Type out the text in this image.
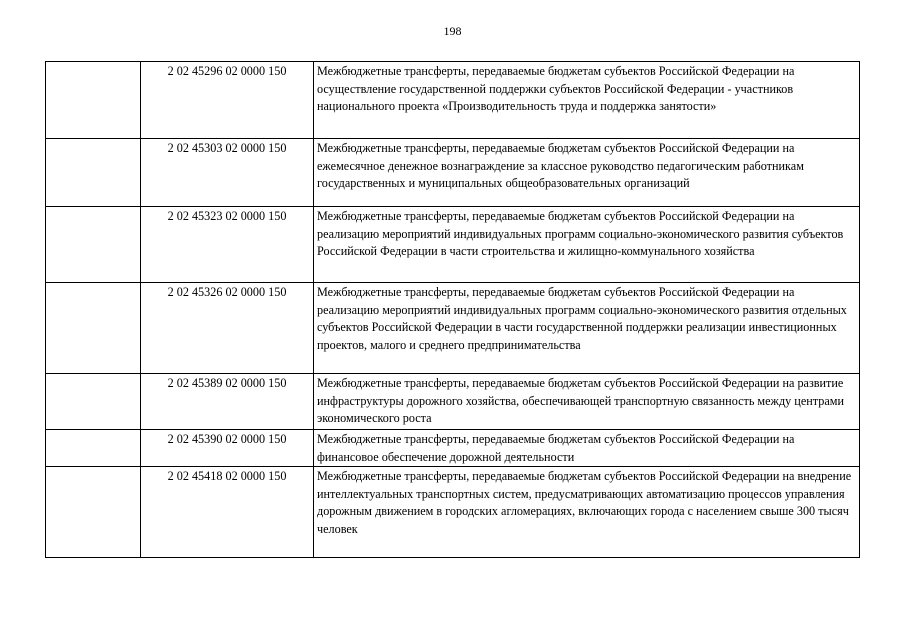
198
	2 02 45296 02 0000 150	Межбюджетные трансферты, передаваемые бюджетам субъектов Российской Федерации на осуществление государственной поддержки субъектов Российской Федерации - участников национального проекта «Производительность труда и поддержка занятости»
	2 02 45303 02 0000 150	Межбюджетные трансферты, передаваемые бюджетам субъектов Российской Федерации на ежемесячное денежное вознаграждение за классное руководство педагогическим работникам государственных и муниципальных общеобразовательных организаций
	2 02 45323 02 0000 150	Межбюджетные трансферты, передаваемые бюджетам субъектов Российской Федерации на реализацию мероприятий индивидуальных программ социально-экономического развития субъектов Российской Федерации в части строительства и жилищно-коммунального хозяйства
	2 02 45326 02 0000 150	Межбюджетные трансферты, передаваемые бюджетам субъектов Российской Федерации на реализацию мероприятий индивидуальных программ социально-экономического развития отдельных субъектов Российской Федерации в части государственной поддержки реализации инвестиционных проектов, малого и среднего предпринимательства
	2 02 45389 02 0000 150	Межбюджетные трансферты, передаваемые бюджетам субъектов Российской Федерации на развитие инфраструктуры дорожного хозяйства, обеспечивающей транспортную связанность между центрами экономического роста
	2 02 45390 02 0000 150	Межбюджетные трансферты, передаваемые бюджетам субъектов Российской Федерации на финансовое обеспечение дорожной деятельности
	2 02 45418 02 0000 150	Межбюджетные трансферты, передаваемые бюджетам субъектов Российской Федерации на внедрение интеллектуальных транспортных систем, предусматривающих автоматизацию процессов управления дорожным движением в городских агломерациях, включающих города с населением свыше 300 тысяч человек
